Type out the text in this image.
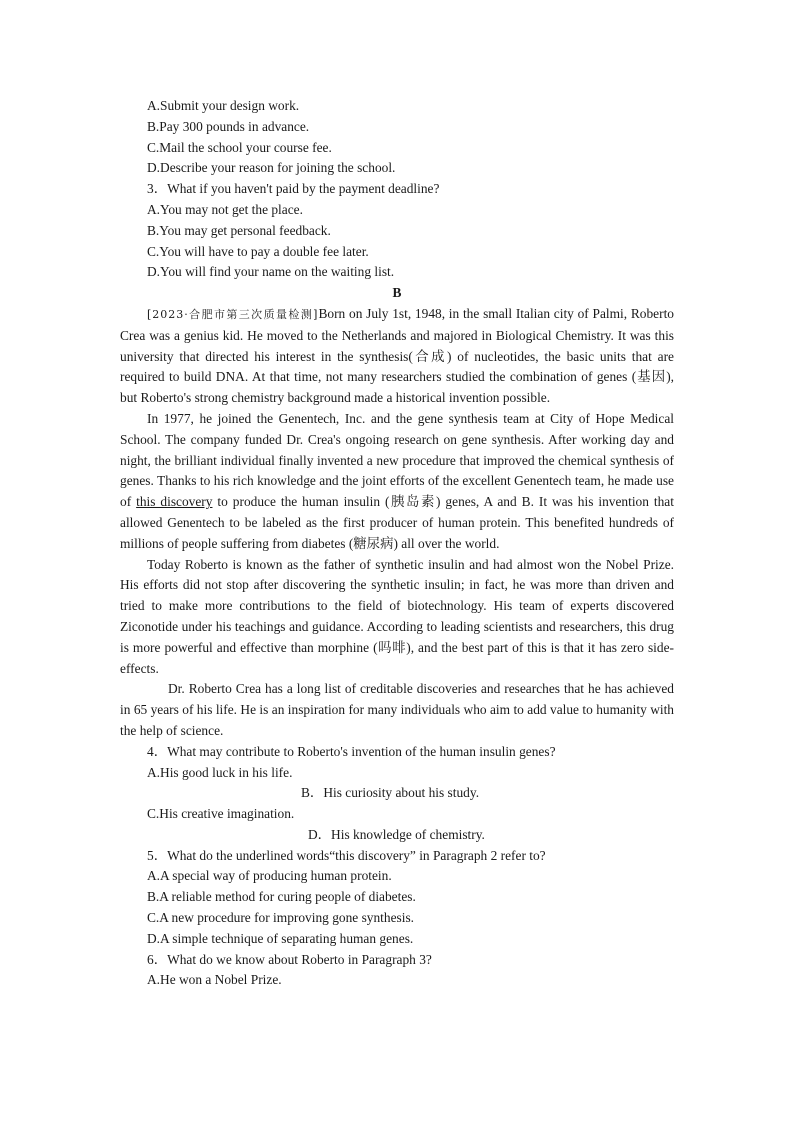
A.Submit your design work.
B.Pay 300 pounds in advance.
C.Mail the school your course fee.
D.Describe your reason for joining the school.
3．What if you haven't paid by the payment deadline?
A.You may not get the place.
B.You may get personal feedback.
C.You will have to pay a double fee later.
D.You will find your name on the waiting list.
B

[2023·合肥市第三次质量检测]Born on July 1st, 1948, in the small Italian city of Palmi, Roberto Crea was a genius kid. He moved to the Netherlands and majored in Biological Chemistry. It was this university that directed his interest in the synthesis(合成) of nucleotides, the basic units that are required to build DNA. At that time, not many researchers studied the combination of genes (基因), but Roberto's strong chemistry background made a historical invention possible.

In 1977, he joined the Genentech, Inc. and the gene synthesis team at City of Hope Medical School. The company funded Dr. Crea's ongoing research on gene synthesis. After working day and night, the brilliant individual finally invented a new procedure that improved the chemical synthesis of genes. Thanks to his rich knowledge and the joint efforts of the excellent Genentech team, he made use of this discovery to produce the human insulin (胰岛素) genes, A and B. It was his invention that allowed Genentech to be labeled as the first producer of human protein. This benefited hundreds of millions of people suffering from diabetes (糖尿病) all over the world.

Today Roberto is known as the father of synthetic insulin and had almost won the Nobel Prize. His efforts did not stop after discovering the synthetic insulin; in fact, he was more than driven and tried to make more contributions to the field of biotechnology. His team of experts discovered Ziconotide under his teachings and guidance. According to leading scientists and researchers, this drug is more powerful and effective than morphine (吗啡), and the best part of this is that it has zero side-effects.

Dr. Roberto Crea has a long list of creditable discoveries and researches that he has achieved in 65 years of his life. He is an inspiration for many individuals who aim to add value to humanity with the help of science.

4．What may contribute to Roberto's invention of the human insulin genes?
A.His good luck in his life.
B．His curiosity about his study.
C.His creative imagination.
D．His knowledge of chemistry.
5．What do the underlined words“this discovery” in Paragraph 2 refer to?
A.A special way of producing human protein.
B.A reliable method for curing people of diabetes.
C.A new procedure for improving gone synthesis.
D.A simple technique of separating human genes.
6．What do we know about Roberto in Paragraph 3?
A.He won a Nobel Prize.
